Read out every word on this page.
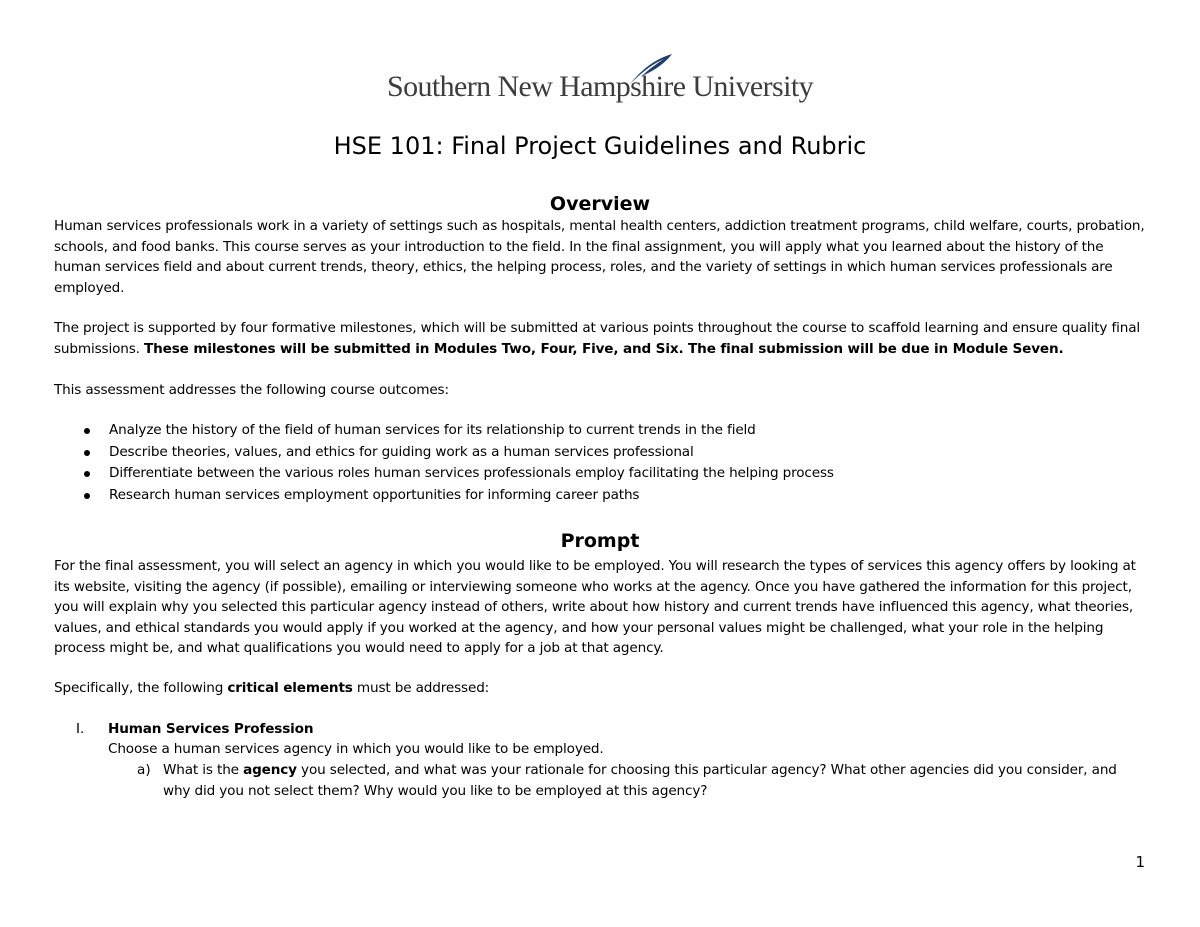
Southern New Hampshire University
HSE 101: Final Project Guidelines and Rubric
Overview
Human services professionals work in a variety of settings such as hospitals, mental health centers, addiction treatment programs, child welfare, courts, probation, schools, and food banks. This course serves as your introduction to the field. In the final assignment, you will apply what you learned about the history of the human services field and about current trends, theory, ethics, the helping process, roles, and the variety of settings in which human services professionals are employed.
The project is supported by four formative milestones, which will be submitted at various points throughout the course to scaffold learning and ensure quality final submissions. These milestones will be submitted in Modules Two, Four, Five, and Six. The final submission will be due in Module Seven.
This assessment addresses the following course outcomes:
Analyze the history of the field of human services for its relationship to current trends in the field
Describe theories, values, and ethics for guiding work as a human services professional
Differentiate between the various roles human services professionals employ facilitating the helping process
Research human services employment opportunities for informing career paths
Prompt
For the final assessment, you will select an agency in which you would like to be employed. You will research the types of services this agency offers by looking at its website, visiting the agency (if possible), emailing or interviewing someone who works at the agency. Once you have gathered the information for this project, you will explain why you selected this particular agency instead of others, write about how history and current trends have influenced this agency, what theories, values, and ethical standards you would apply if you worked at the agency, and how your personal values might be challenged, what your role in the helping process might be, and what qualifications you would need to apply for a job at that agency.
Specifically, the following critical elements must be addressed:
I. Human Services Profession
Choose a human services agency in which you would like to be employed.
a) What is the agency you selected, and what was your rationale for choosing this particular agency? What other agencies did you consider, and why did you not select them? Why would you like to be employed at this agency?
1
